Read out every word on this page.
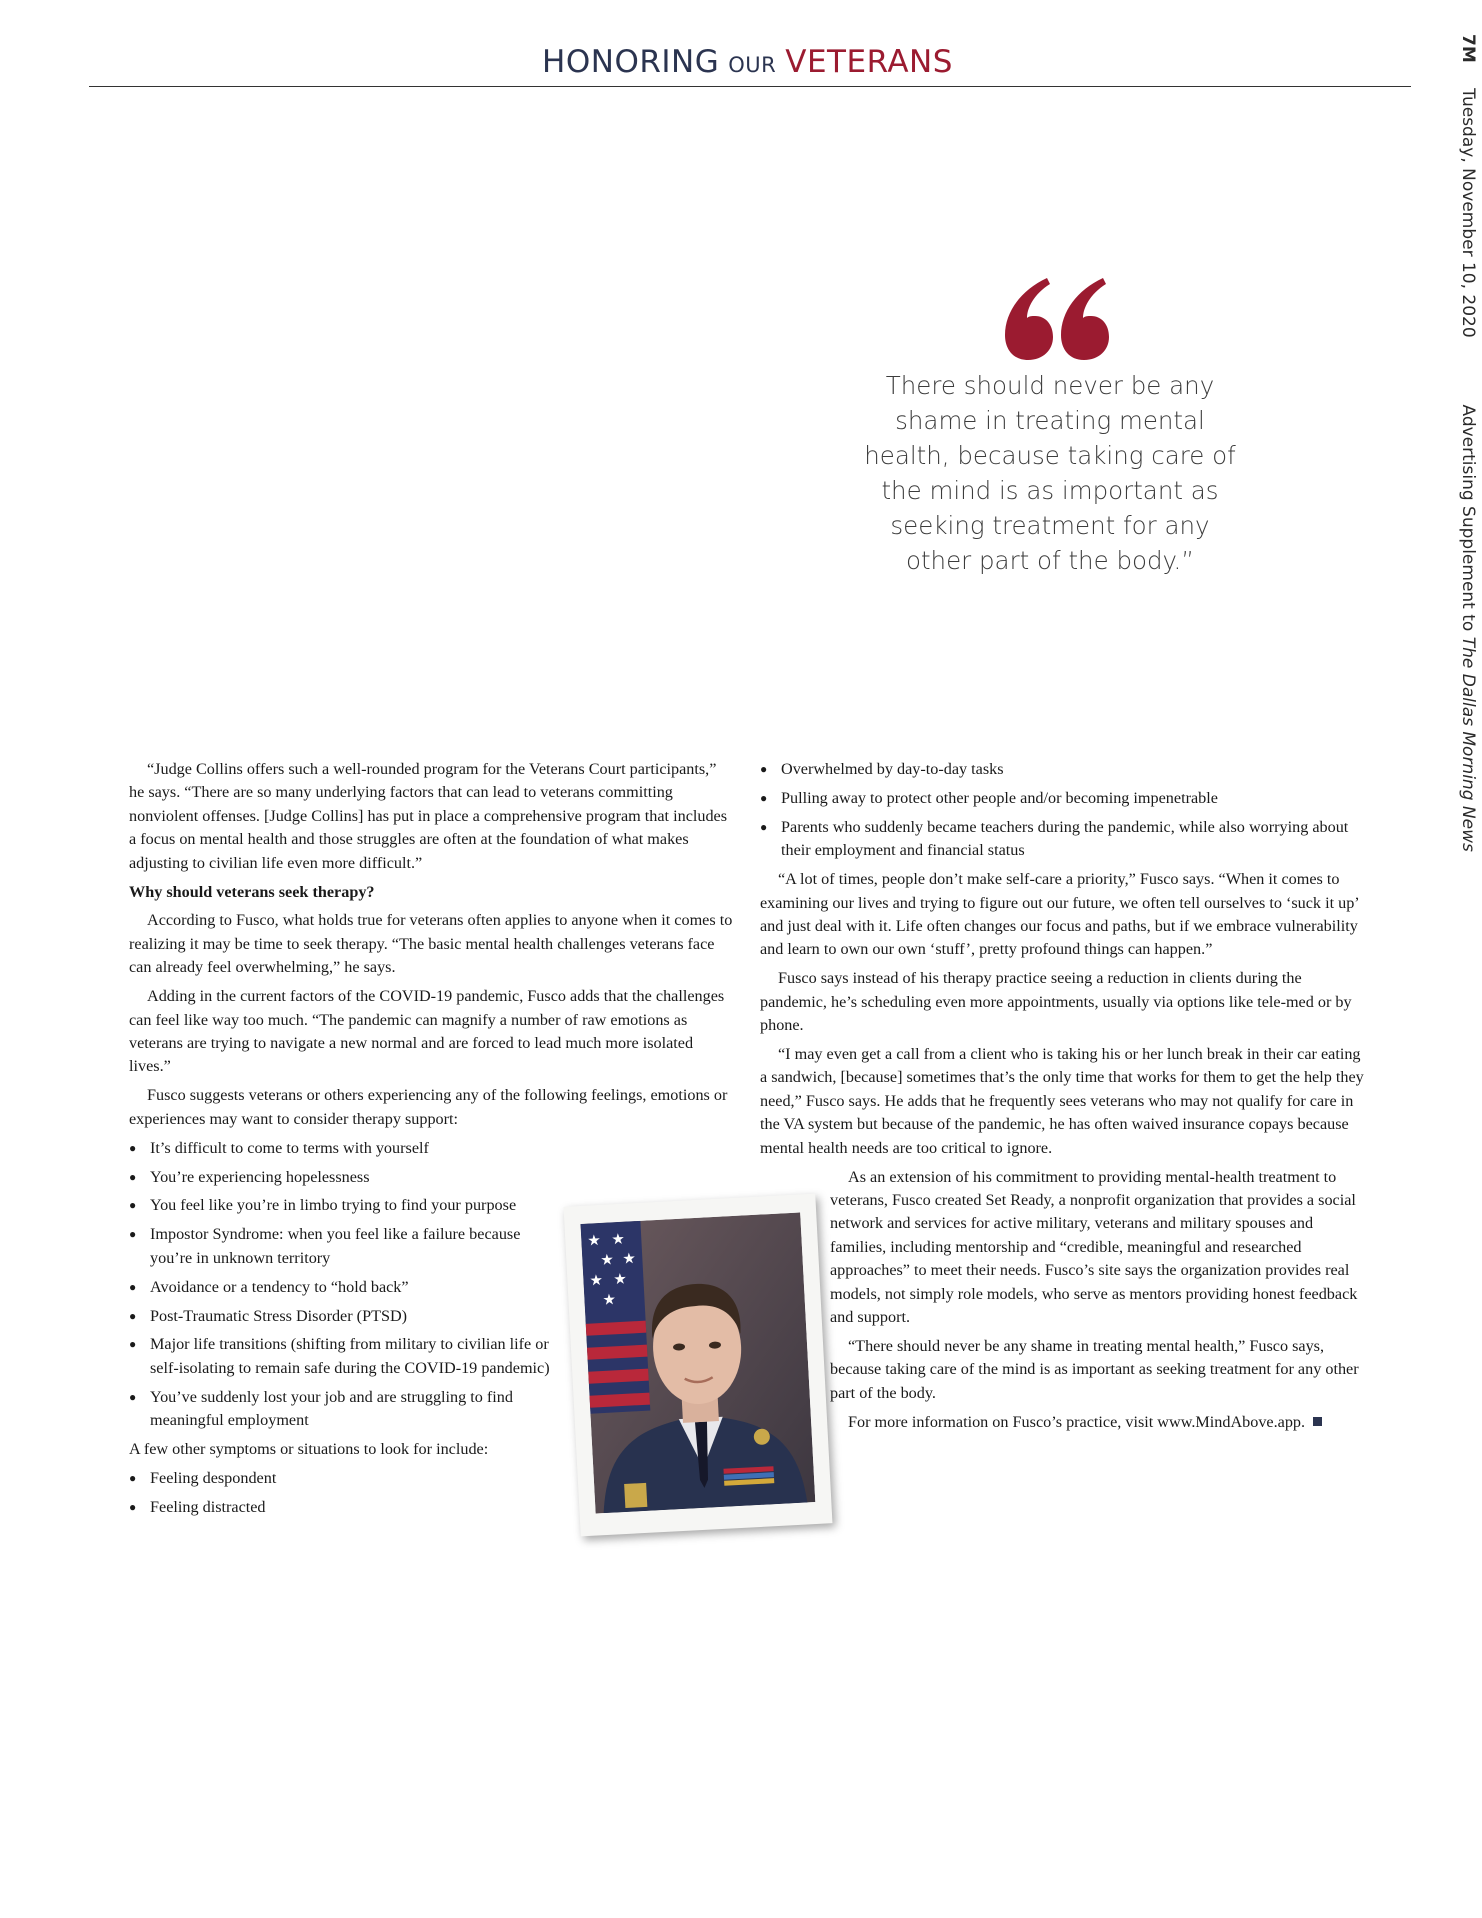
HONORING OUR VETERANS	7M Tuesday, November 10, 2020  Advertising Supplement to The Dallas Morning News
There should never be any shame in treating mental health, because taking care of the mind is as important as seeking treatment for any other part of the body.”

“Judge Collins offers such a well-rounded program for the Veterans Court participants,” he says. “There are so many underlying factors that can lead to veterans committing nonviolent offenses. [Judge Collins] has put in place a comprehensive program that includes a focus on mental health and those struggles are often at the foundation of what makes adjusting to civilian life even more difficult.”

Why should veterans seek therapy?

According to Fusco, what holds true for veterans often applies to anyone when it comes to realizing it may be time to seek therapy. “The basic mental health challenges veterans face can already feel overwhelming,” he says.

Adding in the current factors of the COVID-19 pandemic, Fusco adds that the challenges can feel like way too much. “The pandemic can magnify a number of raw emotions as veterans are trying to navigate a new normal and are forced to lead much more isolated lives.”

Fusco suggests veterans or others experiencing any of the following feelings, emotions or experiences may want to consider therapy support:

● It’s difficult to come to terms with yourself
● You’re experiencing hopelessness
● You feel like you’re in limbo trying to find your purpose
● Impostor Syndrome: when you feel like a failure because you’re in unknown territory
● Avoidance or a tendency to “hold back”
● Post-Traumatic Stress Disorder (PTSD)
● Major life transitions (shifting from military to civilian life or self-isolating to remain safe during the COVID-19 pandemic)
● You’ve suddenly lost your job and are struggling to find meaningful employment

A few other symptoms or situations to look for include:

● Feeling despondent
● Feeling distracted
● Overwhelmed by day-to-day tasks
● Pulling away to protect other people and/or becoming impenetrable
● Parents who suddenly became teachers during the pandemic, while also worrying about their employment and financial status

“A lot of times, people don’t make self-care a priority,” Fusco says. “When it comes to examining our lives and trying to figure out our future, we often tell ourselves to ‘suck it up’ and just deal with it. Life often changes our focus and paths, but if we embrace vulnerability and learn to own our own ‘stuff’, pretty profound things can happen.”

Fusco says instead of his therapy practice seeing a reduction in clients during the pandemic, he’s scheduling even more appointments, usually via options like tele-med or by phone.

“I may even get a call from a client who is taking his or her lunch break in their car eating a sandwich, [because] sometimes that’s the only time that works for them to get the help they need,” Fusco says. He adds that he frequently sees veterans who may not qualify for care in the VA system but because of the pandemic, he has often waived insurance copays because mental health needs are too critical to ignore.

As an extension of his commitment to providing mental-health treatment to veterans, Fusco created Set Ready, a nonprofit organization that provides a social network and services for active military, veterans and military spouses and families, including mentorship and “credible, meaningful and researched approaches” to meet their needs. Fusco’s site says the organization provides real models, not simply role models, who serve as mentors providing honest feedback and support.

“There should never be any shame in treating mental health,” Fusco says, because taking care of the mind is as important as seeking treatment for any other part of the body.

For more information on Fusco’s practice, visit www.MindAbove.app.

★ ★
★ ★
★ ★
★
